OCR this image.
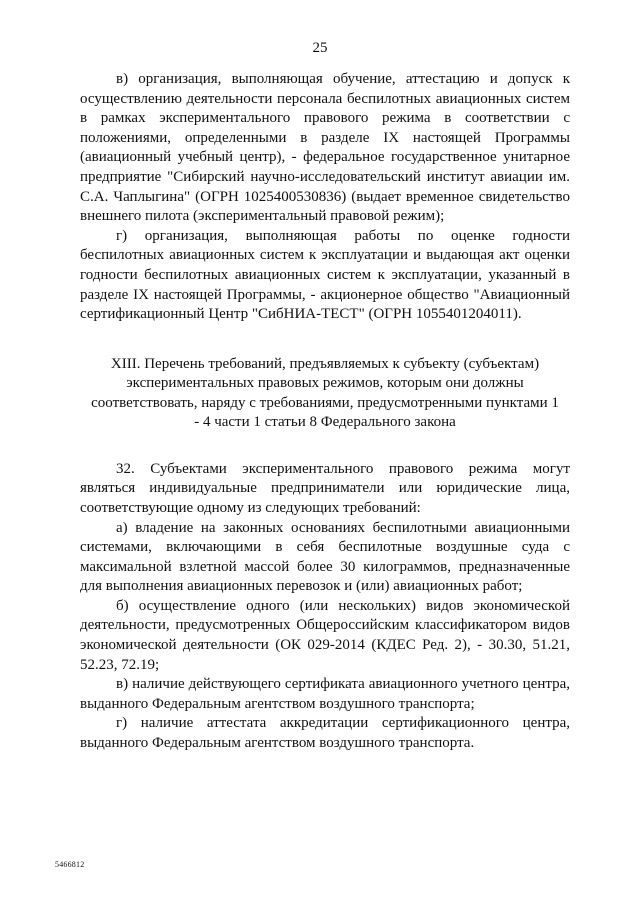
25

в) организация, выполняющая обучение, аттестацию и допуск к осуществлению деятельности персонала беспилотных авиационных систем в рамках экспериментального правового режима в соответствии с положениями, определенными в разделе IX настоящей Программы (авиационный учебный центр), - федеральное государственное унитарное предприятие "Сибирский научно-исследовательский институт авиации им. С.А. Чаплыгина" (ОГРН 1025400530836) (выдает временное свидетельство внешнего пилота (экспериментальный правовой режим);

г) организация, выполняющая работы по оценке годности беспилотных авиационных систем к эксплуатации и выдающая акт оценки годности беспилотных авиационных систем к эксплуатации, указанный в разделе IX настоящей Программы, - акционерное общество "Авиационный сертификационный Центр "СибНИА-ТЕСТ" (ОГРН 1055401204011).

XIII. Перечень требований, предъявляемых к субъекту (субъектам) экспериментальных правовых режимов, которым они должны соответствовать, наряду с требованиями, предусмотренными пунктами 1 - 4 части 1 статьи 8 Федерального закона

32. Субъектами экспериментального правового режима могут являться индивидуальные предприниматели или юридические лица, соответствующие одному из следующих требований:

а) владение на законных основаниях беспилотными авиационными системами, включающими в себя беспилотные воздушные суда с максимальной взлетной массой более 30 килограммов, предназначенные для выполнения авиационных перевозок и (или) авиационных работ;

б) осуществление одного (или нескольких) видов экономической деятельности, предусмотренных Общероссийским классификатором видов экономической деятельности (ОК 029-2014 (КДЕС Ред. 2), - 30.30, 51.21, 52.23, 72.19;

в) наличие действующего сертификата авиационного учетного центра, выданного Федеральным агентством воздушного транспорта;

г) наличие аттестата аккредитации сертификационного центра, выданного Федеральным агентством воздушного транспорта.

5466812
